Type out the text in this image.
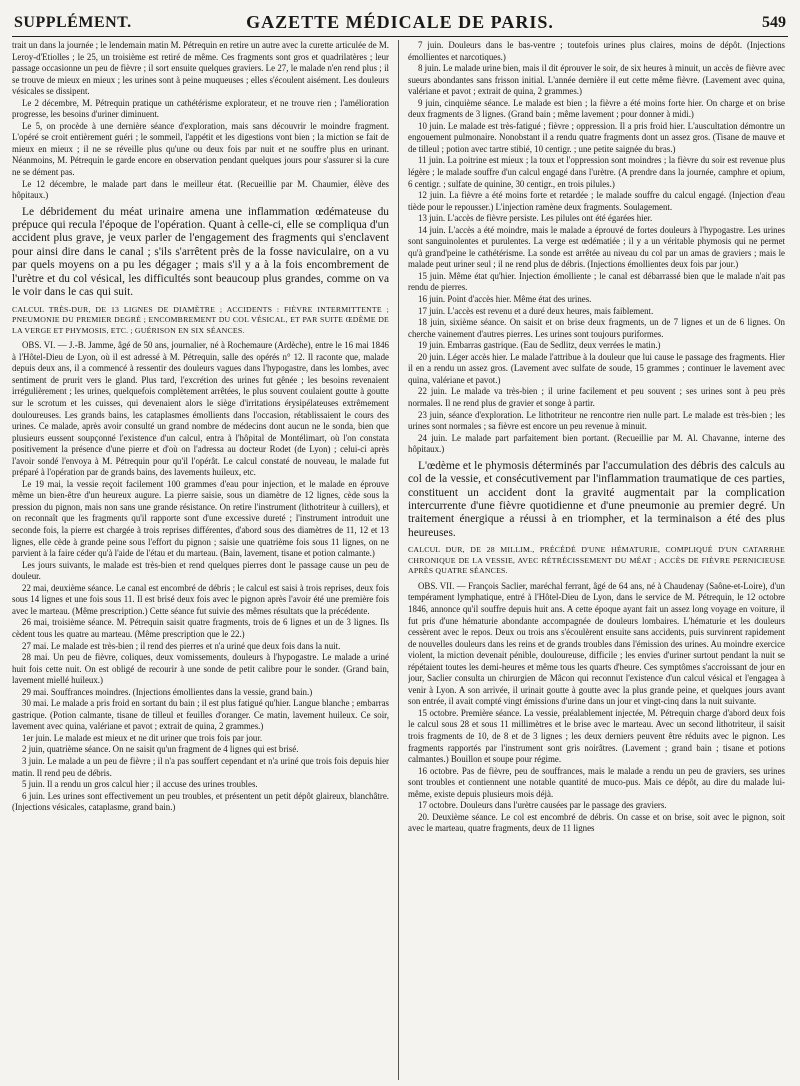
SUPPLÉMENT.	GAZETTE MÉDICALE DE PARIS.	549

trait un dans la journée ; le lendemain matin M. Pétrequin en retire un autre avec la curette articulée de M. Leroy-d'Etiolles ; le 25, un troisième est retiré de même. Ces fragments sont gros et quadrilatères ; leur passage occasionne un peu de fièvre ; il sort ensuite quelques graviers. Le 27, le malade n'en rend plus ; il se trouve de mieux en mieux ; les urines sont à peine muqueuses ; elles s'écoulent aisément. Les douleurs vésicales se dissipent.

Le 2 décembre, M. Pétrequin pratique un cathétérisme explorateur, et ne trouve rien ; l'amélioration progresse, les besoins d'uriner diminuent.

Le 5, on procède à une dernière séance d'exploration, mais sans découvrir le moindre fragment. L'opéré se croit entièrement guéri ; le sommeil, l'appétit et les digestions vont bien ; la miction se fait de mieux en mieux ; il ne se réveille plus qu'une ou deux fois par nuit et ne souffre plus en urinant. Néanmoins, M. Pétrequin le garde encore en observation pendant quelques jours pour s'assurer si la cure ne se dément pas.

Le 12 décembre, le malade part dans le meilleur état. (Recueillie par M. Chaumier, élève des hôpitaux.)

Le débridement du méat urinaire amena une inflammation œdémateuse du prépuce qui recula l'époque de l'opération. Quant à celle-ci, elle se compliqua d'un accident plus grave, je veux parler de l'engagement des fragments qui s'enclavent pour ainsi dire dans le canal ; s'ils s'arrêtent près de la fosse naviculaire, on a vu par quels moyens on a pu les dégager ; mais s'il y a à la fois encombrement de l'urètre et du col vésical, les difficultés sont beaucoup plus grandes, comme on va le voir dans le cas qui suit.

CALCUL TRÈS-DUR, DE 13 LIGNES DE DIAMÈTRE ; ACCIDENTS : FIÈVRE INTERMITTENTE ; PNEUMONIE DU PREMIER DEGRÉ ; ENCOMBREMENT DU COL VÉSICAL, ET PAR SUITE ŒDÈME DE LA VERGE ET PHYMOSIS, ETC. ; GUÉRISON EN SIX SÉANCES.

OBS. VI. — J.-B. Jamme, âgé de 50 ans, journalier, né à Rochemaure (Ardèche), entre le 16 mai 1846 à l'Hôtel-Dieu de Lyon, où il est adressé à M. Pétrequin, salle des opérés n° 12. Il raconte que, malade depuis deux ans, il a commencé à ressentir des douleurs vagues dans l'hypogastre, dans les lombes, avec sentiment de prurit vers le gland. Plus tard, l'excrétion des urines fut gênée ; les besoins revenaient irrégulièrement ; les urines, quelquefois complètement arrêtées, le plus souvent coulaient goutte à goutte sur le scrotum et les cuisses, qui devenaient alors le siège d'irritations érysipélateuses extrêmement douloureuses. Les grands bains, les cataplasmes émollients dans l'occasion, rétablissaient le cours des urines. Ce malade, après avoir consulté un grand nombre de médecins dont aucun ne le sonda, bien que plusieurs eussent soupçonné l'existence d'un calcul, entra à l'hôpital de Montélimart, où l'on constata positivement la présence d'une pierre et d'où on l'adressa au docteur Rodet (de Lyon) ; celui-ci après l'avoir sondé l'envoya à M. Pétrequin pour qu'il l'opérât. Le calcul constaté de nouveau, le malade fut préparé à l'opération par de grands bains, des lavements huileux, etc.

Le 19 mai, la vessie reçoit facilement 100 grammes d'eau pour injection, et le malade en éprouve même un bien-être d'un heureux augure. La pierre saisie, sous un diamètre de 12 lignes, cède sous la pression du pignon, mais non sans une grande résistance. On retire l'instrument (lithotriteur à cuillers), et on reconnaît que les fragments qu'il rapporte sont d'une excessive dureté ; l'instrument introduit une seconde fois, la pierre est chargée à trois reprises différentes, d'abord sous des diamètres de 11, 12 et 13 lignes, elle cède à grande peine sous l'effort du pignon ; saisie une quatrième fois sous 11 lignes, on ne parvient à la faire céder qu'à l'aide de l'étau et du marteau. (Bain, lavement, tisane et potion calmante.)

Les jours suivants, le malade est très-bien et rend quelques pierres dont le passage cause un peu de douleur.

22 mai, deuxième séance. Le canal est encombré de débris ; le calcul est saisi à trois reprises, deux fois sous 14 lignes et une fois sous 11. Il est brisé deux fois avec le pignon après l'avoir été une première fois avec le marteau. (Même prescription.) Cette séance fut suivie des mêmes résultats que la précédente.

26 mai, troisième séance. M. Pétrequin saisit quatre fragments, trois de 6 lignes et un de 3 lignes. Ils cèdent tous les quatre au marteau. (Même prescription que le 22.)

27 mai. Le malade est très-bien ; il rend des pierres et n'a uriné que deux fois dans la nuit.

28 mai. Un peu de fièvre, coliques, deux vomissements, douleurs à l'hypogastre. Le malade a uriné huit fois cette nuit. On est obligé de recourir à une sonde de petit calibre pour le sonder. (Grand bain, lavement miellé huileux.)

29 mai. Souffrances moindres. (Injections émollientes dans la vessie, grand bain.)

30 mai. Le malade a pris froid en sortant du bain ; il est plus fatigué qu'hier. Langue blanche ; embarras gastrique. (Potion calmante, tisane de tilleul et feuilles d'oranger. Ce matin, lavement huileux. Ce soir, lavement avec quina, valériane et pavot ; extrait de quina, 2 grammes.)

1er juin. Le malade est mieux et ne dit uriner que trois fois par jour.

2 juin, quatrième séance. On ne saisit qu'un fragment de 4 lignes qui est brisé.

3 juin. Le malade a un peu de fièvre ; il n'a pas souffert cependant et n'a uriné que trois fois depuis hier matin. Il rend peu de débris.

5 juin. Il a rendu un gros calcul hier ; il accuse des urines troubles.

6 juin. Les urines sont effectivement un peu troubles, et présentent un petit dépôt glaireux, blanchâtre. (Injections vésicales, cataplasme, grand bain.)

7 juin. Douleurs dans le bas-ventre ; toutefois urines plus claires, moins de dépôt. (Injections émollientes et narcotiques.)

8 juin. Le malade urine bien, mais il dit éprouver le soir, de six heures à minuit, un accès de fièvre avec sueurs abondantes sans frisson initial. L'année dernière il eut cette même fièvre. (Lavement avec quina, valériane et pavot ; extrait de quina, 2 grammes.)

9 juin, cinquième séance. Le malade est bien ; la fièvre a été moins forte hier. On charge et on brise deux fragments de 3 lignes. (Grand bain ; même lavement ; pour donner à midi.)

10 juin. Le malade est très-fatigué ; fièvre ; oppression. Il a pris froid hier. L'auscultation démontre un engouement pulmonaire. Nonobstant il a rendu quatre fragments dont un assez gros. (Tisane de mauve et de tilleul ; potion avec tartre stibié, 10 centigr. ; une petite saignée du bras.)

11 juin. La poitrine est mieux ; la toux et l'oppression sont moindres ; la fièvre du soir est revenue plus légère ; le malade souffre d'un calcul engagé dans l'urètre. (A prendre dans la journée, camphre et opium, 6 centigr. ; sulfate de quinine, 30 centigr., en trois pilules.)

12 juin. La fièvre a été moins forte et retardée ; le malade souffre du calcul engagé. (Injection d'eau tiède pour le repousser.) L'injection ramène deux fragments. Soulagement.

13 juin. L'accès de fièvre persiste. Les pilules ont été égarées hier.

14 juin. L'accès a été moindre, mais le malade a éprouvé de fortes douleurs à l'hypogastre. Les urines sont sanguinolentes et purulentes. La verge est œdématiée ; il y a un véritable phymosis qui ne permet qu'à grand'peine le cathétérisme. La sonde est arrêtée au niveau du col par un amas de graviers ; mais le malade peut uriner seul ; il ne rend plus de débris. (Injections émollientes deux fois par jour.)

15 juin. Même état qu'hier. Injection émolliente ; le canal est débarrassé bien que le malade n'ait pas rendu de pierres.

16 juin. Point d'accès hier. Même état des urines.

17 juin. L'accès est revenu et a duré deux heures, mais faiblement.

18 juin, sixième séance. On saisit et on brise deux fragments, un de 7 lignes et un de 6 lignes. On cherche vainement d'autres pierres. Les urines sont toujours puriformes.

19 juin. Embarras gastrique. (Eau de Sedlitz, deux verrées le matin.)

20 juin. Léger accès hier. Le malade l'attribue à la douleur que lui cause le passage des fragments. Hier il en a rendu un assez gros. (Lavement avec sulfate de soude, 15 grammes ; continuer le lavement avec quina, valériane et pavot.)

22 juin. Le malade va très-bien ; il urine facilement et peu souvent ; ses urines sont à peu près normales. Il ne rend plus de gravier et songe à partir.

23 juin, séance d'exploration. Le lithotriteur ne rencontre rien nulle part. Le malade est très-bien ; les urines sont normales ; sa fièvre est encore un peu revenue à minuit.

24 juin. Le malade part parfaitement bien portant. (Recueillie par M. Al. Chavanne, interne des hôpitaux.)

L'œdème et le phymosis déterminés par l'accumulation des débris des calculs au col de la vessie, et consécutivement par l'inflammation traumatique de ces parties, constituent un accident dont la gravité augmentait par la complication intercurrente d'une fièvre quotidienne et d'une pneumonie au premier degré. Un traitement énergique a réussi à en triompher, et la terminaison a été des plus heureuses.

CALCUL DUR, DE 28 MILLIM., PRÉCÉDÉ D'UNE HÉMATURIE, COMPLIQUÉ D'UN CATARRHE CHRONIQUE DE LA VESSIE, AVEC RÉTRÉCISSEMENT DU MÉAT ; ACCÈS DE FIÈVRE PERNICIEUSE APRÈS QUATRE SÉANCES.

OBS. VII. — François Saclier, maréchal ferrant, âgé de 64 ans, né à Chaudenay (Saône-et-Loire), d'un tempérament lymphatique, entré à l'Hôtel-Dieu de Lyon, dans le service de M. Pétrequin, le 12 octobre 1846, annonce qu'il souffre depuis huit ans. A cette époque ayant fait un assez long voyage en voiture, il fut pris d'une hématurie abondante accompagnée de douleurs lombaires. L'hématurie et les douleurs cessèrent avec le repos. Deux ou trois ans s'écoulèrent ensuite sans accidents, puis survinrent rapidement de nouvelles douleurs dans les reins et de grands troubles dans l'émission des urines. Au moindre exercice violent, la miction devenait pénible, douloureuse, difficile ; les envies d'uriner surtout pendant la nuit se répétaient toutes les demi-heures et même tous les quarts d'heure. Ces symptômes s'accroissant de jour en jour, Saclier consulta un chirurgien de Mâcon qui reconnut l'existence d'un calcul vésical et l'engagea à venir à Lyon. A son arrivée, il urinait goutte à goutte avec la plus grande peine, et quelques jours avant son entrée, il avait compté vingt émissions d'urine dans un jour et vingt-cinq dans la nuit suivante.

15 octobre. Première séance. La vessie, préalablement injectée, M. Pétrequin charge d'abord deux fois le calcul sous 28 et sous 11 millimètres et le brise avec le marteau. Avec un second lithotriteur, il saisit trois fragments de 10, de 8 et de 3 lignes ; les deux derniers peuvent être réduits avec le pignon. Les fragments rapportés par l'instrument sont gris noirâtres. (Lavement ; grand bain ; tisane et potions calmantes.) Bouillon et soupe pour régime.

16 octobre. Pas de fièvre, peu de souffrances, mais le malade a rendu un peu de graviers, ses urines sont troubles et contiennent une notable quantité de muco-pus. Mais ce dépôt, au dire du malade lui-même, existe depuis plusieurs mois déjà.

17 octobre. Douleurs dans l'urètre causées par le passage des graviers.

20. Deuxième séance. Le col est encombré de débris. On casse et on brise, soit avec le pignon, soit avec le marteau, quatre fragments, deux de 11 lignes
